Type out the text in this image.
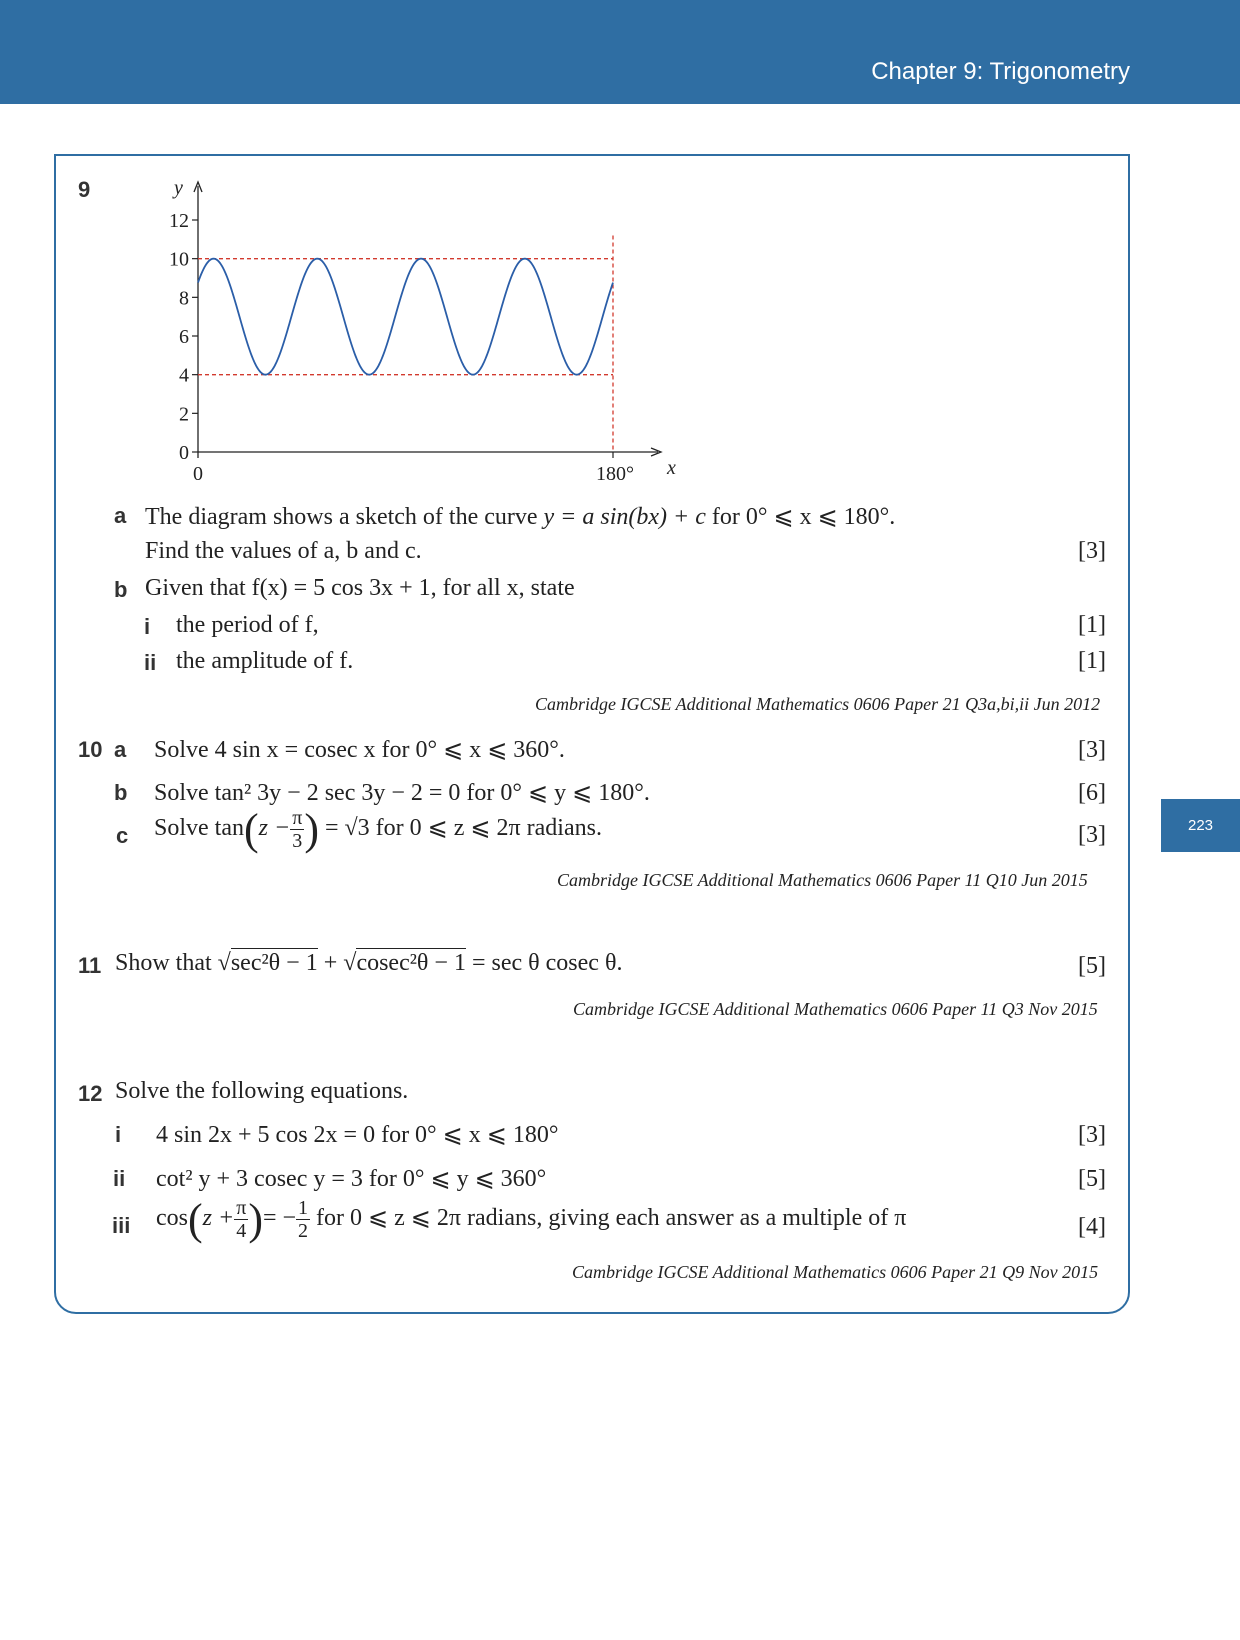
Chapter 9: Trigonometry
223
9	y
x
0
2
4
6
8
10
12
0	180°
a The diagram shows a sketch of the curve y = a sin(bx) + c for 0° ⩽ x ⩽ 180°.
Find the values of a, b and c.	[3]
b Given that f(x) = 5 cos 3x + 1, for all x, state
i the period of f,	[1]
ii the amplitude of f.	[1]
Cambridge IGCSE Additional Mathematics 0606 Paper 21 Q3a,bi,ii Jun 2012
10 a Solve 4 sin x = cosec x for 0° ⩽ x ⩽ 360°.	[3]
b Solve tan² 3y − 2 sec 3y − 2 = 0 for 0° ⩽ y ⩽ 180°.	[6]
c Solve $\tan(z - \frac{\pi}{3}$ ) = √3 for 0 ⩽ z ⩽ 2π radians.	[3]
Cambridge IGCSE Additional Mathematics 0606 Paper 11 Q10 Jun 2015
11 Show that √sec²θ − 1 + √cosec²θ − 1 = sec θ cosec θ.	[5]
Cambridge IGCSE Additional Mathematics 0606 Paper 11 Q3 Nov 2015
12 Solve the following equations.
i 4 sin 2x + 5 cos 2x = 0 for 0° ⩽ x ⩽ 180°	[3]
ii cot² y + 3 cosec y = 3 for 0° ⩽ y ⩽ 360°	[5]
iii $\cos(z + \frac{\pi}{4}$ )= − $\frac{1}{2}$ for 0 ⩽ z ⩽ 2π radians, giving each answer as a multiple of π	[4]
Cambridge IGCSE Additional Mathematics 0606 Paper 21 Q9 Nov 2015
